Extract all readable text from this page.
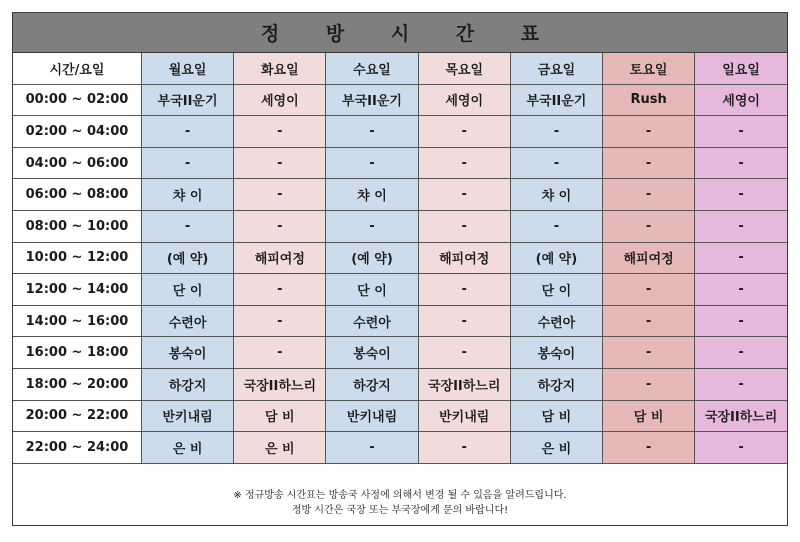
정 방 시 간 표
시간/요일	월요일	화요일	수요일	목요일	금요일	토요일	일요일
00:00 ~ 02:00	부국II운기	세영이	부국II운기	세영이	부국II운기	Rush	세영이
02:00 ~ 04:00	-	-	-	-	-	-	-
04:00 ~ 06:00	-	-	-	-	-	-	-
06:00 ~ 08:00	챠 이	-	챠 이	-	챠 이	-	-
08:00 ~ 10:00	-	-	-	-	-	-	-
10:00 ~ 12:00	(예 약)	해피여정	(예 약)	해피여정	(예 약)	해피여정	-
12:00 ~ 14:00	단 이	-	단 이	-	단 이	-	-
14:00 ~ 16:00	수련아	-	수련아	-	수련아	-	-
16:00 ~ 18:00	봉숙이	-	봉숙이	-	봉숙이	-	-
18:00 ~ 20:00	하강지	국장II하느리	하강지	국장II하느리	하강지	-	-
20:00 ~ 22:00	반키내림	담 비	반키내림	반키내림	담 비	담 비	국장II하느리
22:00 ~ 24:00	은 비	은 비	-	-	은 비	-	-
※ 정규방송 시간표는 방송국 사정에 의해서 변경 될 수 있음을 알려드립니다.
정방 시간은 국장 또는 부국장에게 문의 바랍니다!
